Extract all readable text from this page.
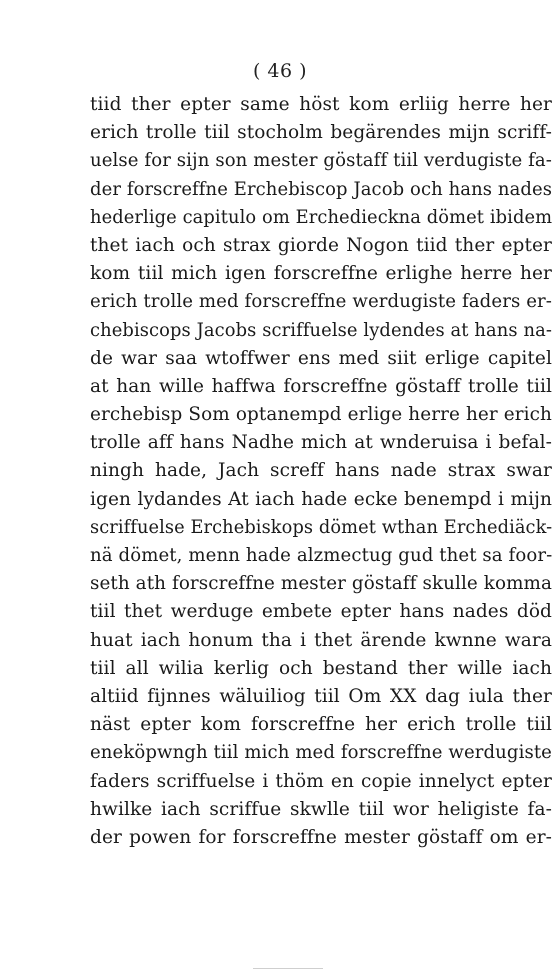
( 46 )
tiid ther epter same höst kom erliig herre her
erich trolle tiil stocholm begärendes mijn scriff-
uelse for sijn son mester göstaff tiil verdugiste fa-
der forscreffne Erchebiscop Jacob och hans nades
hederlige capitulo om Erchedieckna dömet ibidem
thet iach och strax giorde Nogon tiid ther epter
kom tiil mich igen forscreffne erlighe herre her
erich trolle med forscreffne werdugiste faders er-
chebiscops Jacobs scriffuelse lydendes at hans na-
de war saa wtoffwer ens med siit erlige capitel
at han wille haffwa forscreffne göstaff trolle tiil
erchebisp Som optanempd erlige herre her erich
trolle aff hans Nadhe mich at wnderuisa i befal-
ningh hade, Jach screff hans nade strax swar
igen lydandes At iach hade ecke benempd i mijn
scriffuelse Erchebiskops dömet wthan Erchediäck-
nä dömet, menn hade alzmectug gud thet sa foor-
seth ath forscreffne mester göstaff skulle komma
tiil thet werduge embete epter hans nades död
huat iach honum tha i thet ärende kwnne wara
tiil all wilia kerlig och bestand ther wille iach
altiid fijnnes wäluiliog tiil Om XX dag iula ther
näst epter kom forscreffne her erich trolle tiil
eneköpwngh tiil mich med forscreffne werdugiste
faders scriffuelse i thöm en copie innelyct epter
hwilke iach scriffue skwlle tiil wor heligiste fa-
der powen for forscreffne mester göstaff om er-
